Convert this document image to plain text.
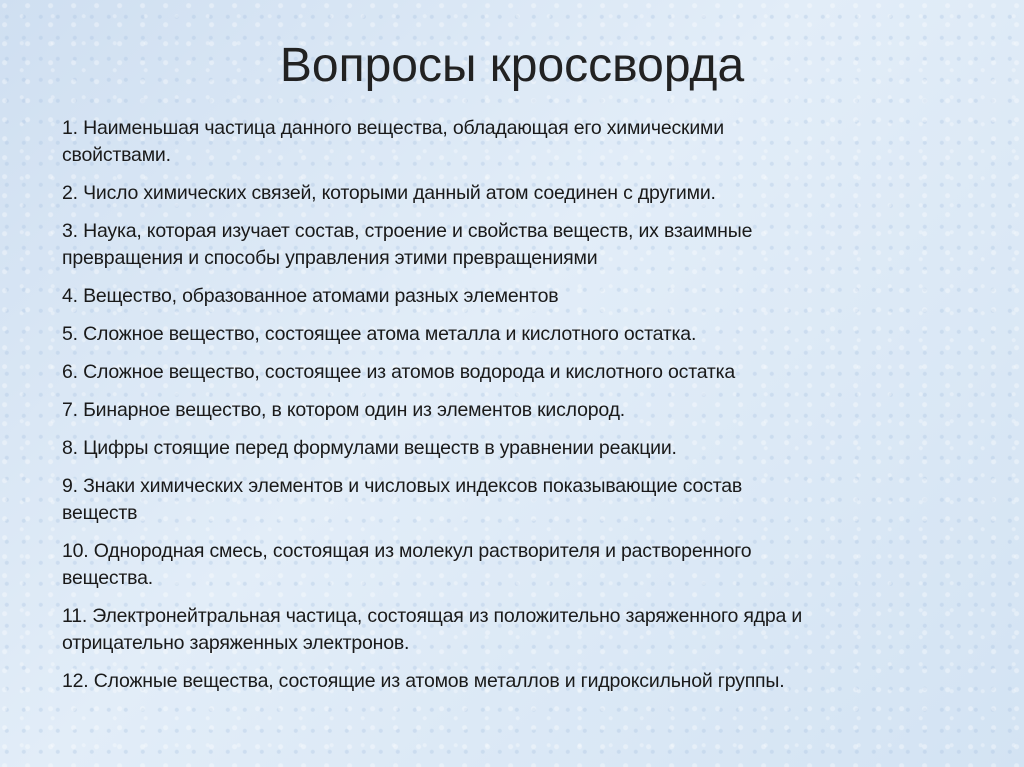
Вопросы кроссворда
1. Наименьшая частица данного вещества, обладающая его химическими
свойствами.
2. Число химических связей, которыми данный атом соединен с другими.
3. Наука, которая изучает состав, строение и свойства веществ, их взаимные
превращения и способы управления этими превращениями
4. Вещество, образованное атомами разных элементов
5. Сложное вещество, состоящее атома металла и кислотного остатка.
6. Сложное вещество, состоящее из атомов водорода и кислотного остатка
7. Бинарное вещество, в котором один из элементов кислород.
8. Цифры стоящие перед формулами веществ в уравнении реакции.
9. Знаки химических элементов и числовых индексов показывающие состав
веществ
10. Однородная смесь, состоящая из молекул растворителя и растворенного
вещества.
11. Электронейтральная частица, состоящая из положительно заряженного ядра и
отрицательно заряженных электронов.
12. Сложные вещества, состоящие из атомов металлов и гидроксильной группы.
